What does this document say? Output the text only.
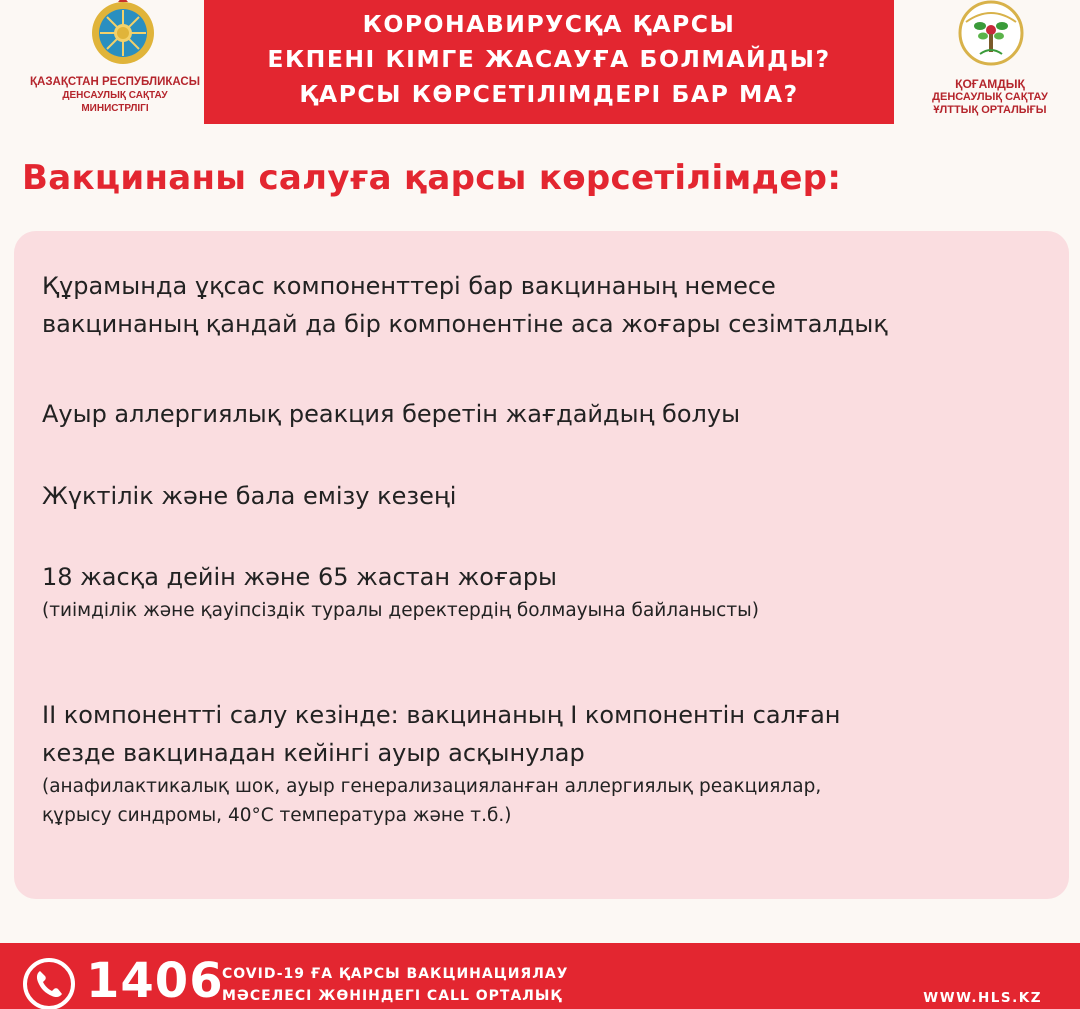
ҚАЗАҚСТАН РЕСПУБЛИКАСЫ
ДЕНСАУЛЫҚ САҚТАУ
МИНИСТРЛІГІ
КОРОНАВИРУСҚА ҚАРСЫ
ЕКПЕНІ КІМГЕ ЖАСАУҒА БОЛМАЙДЫ?
ҚАРСЫ КӨРСЕТІЛІМДЕРІ БАР МА?	ҚОҒАМДЫҚ
ДЕНСАУЛЫҚ САҚТАУ
ҰЛТТЫҚ ОРТАЛЫҒЫ
Вакцинаны салуға қарсы көрсетілімдер:
Құрамында ұқсас компоненттері бар вакцинаның немесе
вакцинаның қандай да бір компонентіне аса жоғары сезімталдық
Ауыр аллергиялық реакция беретін жағдайдың болуы
Жүктілік және бала емізу кезеңі
18 жасқа дейін және 65 жастан жоғары
(тиімділік және қауіпсіздік туралы деректердің болмауына байланысты)
ІІ компонентті салу кезінде: вакцинаның І компонентін салған
кезде вакцинадан кейінгі ауыр асқынулар
(анафилактикалық шок, ауыр генерализацияланған аллергиялық реакциялар,
құрысу синдромы, 40°С температура және т.б.)
1406
COVID-19 ҒА ҚАРСЫ ВАКЦИНАЦИЯЛАУ
МӘСЕЛЕСІ ЖӨНІНДЕГІ CALL ОРТАЛЫҚ	WWW.HLS.KZ
